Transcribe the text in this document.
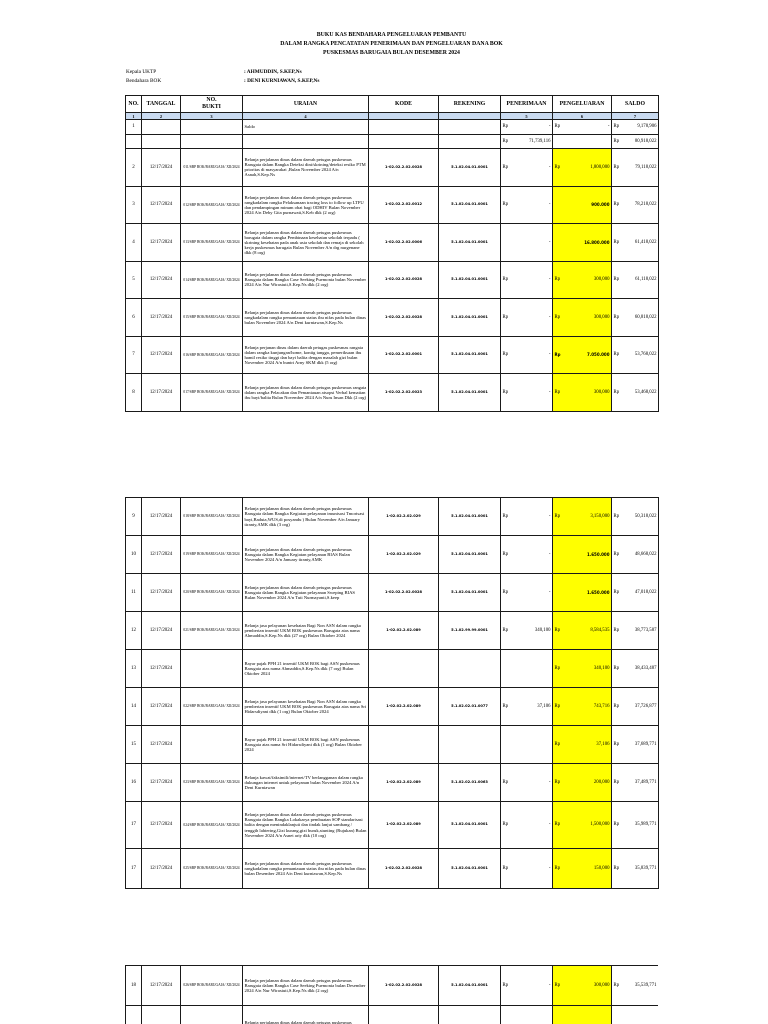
BUKU KAS BENDAHARA PENGELUARAN PEMBANTU
DALAM RANGKA PENCATATAN PENERIMAAN DAN PENGELUARAN DANA BOK
PUSKESMAS BARUGAIA BULAN DESEMBER 2024
Kepala UKTP	: AHMUDDIN, S.KEP,Ns
Bendahara BOK	: DENI KURNIAWAN, S.KEP,Ns
NO.	TANGGAL	NO.
BUKTI	URAIAN	KODE	REKENING	PENERIMAAN	PENGELUARAN	SALDO
1	2	3	4			5	6	7
1			Saldo			Rp -	Rp -	Rp 9,178,906

						Rp 71,739,116		Rp 80,918,022

2	12/17/2024	011/SBP BOK/BARUGAIA/ XII/2024	Belanja perjalanan dinas dalam daerah petugas puskesmas Barugaia dalam Rangka Deteksi dini/skrining/deteksi resiko PTM prioritas di masyarakat ,Bulan November 2024 A/n Asnah,S.Kep.Ns	1-02.02.2.02.0028	5.1.02.04.01.0001	Rp -	Rp 1,800,000	Rp 79,118,022

3	12/17/2024	012/SBP BOK/BARUGAIA/ XII/2024	Belanja perjalanan dinas dalam daerah petugas puskesmas rangkadalam rangka Pelaksanaan tracing loss to follow up LTFU dan pendampingan minum obat bagi ODHIV Bulan November 2024 A/n Deby Gita purnawati,S.Keb dkk (2 org)	1-02.02.2.02.0012	5.1.02.04.01.0001	Rp -	900.000	Rp 78,218,022

4	12/17/2024	013/SBP BOK/BARUGAIA/ XII/2024	Belanja perjalanan dinas dalam daerah petugas puskesmas barugaia dalam rangka Pembinaan kesehatan sekolah terpadu ( skrining kesehatan pada anak usia sekolah dan remaja di sekolah kerja puskesmas barugaia Bulan November A/n drg nurgenane dkk (8 org)	1-02.02.2.02.0006	5.1.02.04.01.0001	-	16.800.000	Rp 61,418,022

5	12/17/2024	014/SBP BOK/BARUGAIA/ XII/2024	Belanja perjalanan dinas dalam daerah petugas puskesmas Barugaia dalam Rangka Case Seeking Puemonia bulan November 2024 A/n Nur Wirastuti,S.Kep.Ns dkk (2 org)	1-02.02.2.02.0028	5.1.02.04.01.0001	Rp -	Rp 300,000	Rp 61,118,022

6	12/17/2024	015/SBP BOK/BARUGAIA/ XII/2024	Belanja perjalanan dinas dalam daerah petugas puskesmas rangkadalam rangka pemantauan status ibu nifas pada bulan dinas bulan November 2024 A/n Deni kurniawan,S.Kep.Ns	1-02.02.2.02.0028	5.1.02.04.01.0001	Rp -	Rp 300,000	Rp 60,818,022

7	12/17/2024	016/SBP BOK/BARUGAIA/ XII/2024	Belanja perjanan dinas dalam daerah petugas puskesmas rangaia dalam rangka kunjungan/home, kontig tangga, pemeriksaan ibu hamil resiko tinggi dan bayi balita dengan masalah gizi bulan November 2024 A/n buntri Arny SKM dkk (5 org)	1-02.02.2.02.0001	5.1.02.04.01.0001	Rp -	Rp 7.050.000	Rp 53,768,022

8	12/17/2024	017/SBP BOK/BARUGAIA/ XII/2024	Belanja perjalanan dinas dalam daerah petugas puskesmas rangaia dalam rangka Pelacakan dan Pemantauan atsopsi Verbal kematian ibu bayi/balita Bulan November 2024 A/n Nuru Insan Dkk (2 org)	1-02.02.2.02.0023	5.1.02.04.01.0001	Rp -	Rp 300,000	Rp 53,468,022
9	12/17/2024	018/SBP BOK/BARUGAIA/ XII/2024	Belanja perjalanan dinas dalam daerah petugas puskesmas Barugaia dalam Rangka Kegiatan pelayanan imunisasi Tmorisasi bayi,Baduta,WUS,di posyandu ) Bulan November A/n January tiranty,AMK dkk (3 org)	1-02.02.2.02.029	5.1.02.04.01.0001	Rp -	Rp 3,150,000	Rp 50,318,022

10	12/17/2024	019/SBP BOK/BARUGAIA/ XII/2024	Belanja perjalanan dinas dalam daerah petugas puskesmas Barugaia dalam Rangka Kegiatan pelayanan BIAS Bulan November 2024 A/n January tiranty,AMK	1-02.02.2.02.029	5.1.02.04.01.0001	Rp -	1.650.000	Rp 48,668,022

11	12/17/2024	020/SBP BOK/BARUGAIA/ XII/2024	Belanja perjalanan dinas dalam daerah petugas puskesmas Barugaia dalam Rangka Kegiatan pelayanan Sweping BIAS Bulan November 2024 A/n Tuti Nurmayanti,S.keep	1-02.02.2.02.0028	5.1.02.04.01.0001	Rp -	1.650.000	Rp 47,018,022

12	12/17/2024	021/SBP BOK/BARUGAIA/ XII/2024	Belanja jasa pelayanan kesehatan Bagi Non ASN dalam rangka pemberian insentif UKM BOK puskesmas Barugaia atas nama Ahmaddin,S.Kep.Ns dkk (27 org) Bulan Oktober 2024	1-02.02.2.02.089	5.1.02.99.99.0001	Rp 340,100	Rp 8,584,535	Rp 38,773,587

13	12/17/2024		Bayar pajak PPH 21 insentif UKM BOK bagi ASN puskesmas Barugaia atas nama Ahmaddin,S.Kep.Ns dkk (7 org) Bulan Oktober 2024				Rp 340,100	Rp 38,433,487

14	12/17/2024	022/SBP BOK/BARUGAIA/ XII/2024	Belanja jasa pelayanan kesehatan Bagi Non ASN dalam rangka pemberian insentif UKM BOK puskesmas Barugaia atas nama Sri Hidarsdiyani dkk (1 org) Bulan Oktober 2024	1-02.02.2.02.089	5.1.02.02.01.0077	Rp 37,106	Rp 743,716	Rp 37,726,877

15	12/17/2024		Bayar pajak PPH 21 insentif UKM BOK bagi ASN puskesmas Barugaia atas nama Sri Hidarsdiyani dkk (1 org) Bulan Oktober 2024				Rp 37,106	Rp 37,689,771

16	12/17/2024	023/SBP BOK/BARUGAIA/ XII/2024	Belanja kawat/faksimili/internet/TV berlangganan dalam rangka dukungan internet untuk pelayanan bulan November 2024 A/n Deni Kurniawan	1-02.02.2.02.089	5.1.02.02.01.0063	Rp -	Rp 200,000	Rp 37,489,771

17	12/17/2024	024/SBP BOK/BARUGAIA/ XII/2024	Belanja perjalanan dinas dalam daerah petugas puskesmas Barugaia dalam Rangka Lokakarya pembuatan SOP standarisasi balita dengan menindaklanjuti dan tindak lanjut sambang / tenggih lahtering,Gizi kurang,gizi buruk,stunting (Rujukan) Bulan November 2024 A/n Asnet ariy dkk (10 org)	1-02.02.2.02.089	5.1.02.04.01.0001	Rp -	Rp 1,500,000	Rp 35,989,771

17	12/17/2024	025/SBP BOK/BARUGAIA/ XII/2024	Belanja perjalanan dinas dalam daerah petugas puskesmas rangkadalam rangka pemantauan status ibu nifas pada bulan dinas bulan Desember 2024 A/n Deni kurniawan,S.Kep.Ns	1-02.02.2.02.0028	5.1.02.04.01.0001	Rp -	Rp 150,000	Rp 35,839,771
18	12/17/2024	026/SBP BOK/BARUGAIA/ XII/2024	Belanja perjalanan dinas dalam daerah petugas puskesmas Barugaia dalam Rangka Case Seeking Puemonia bulan Desember 2024 A/n Nur Wirastuti,S.Kep.Ns dkk (2 org)	1-02.02.2.02.0028	5.1.02.04.01.0001	Rp -	Rp 300,000	Rp 35,539,771

			Belanja perjalanan dinas dalam daerah petugas puskesmas			
